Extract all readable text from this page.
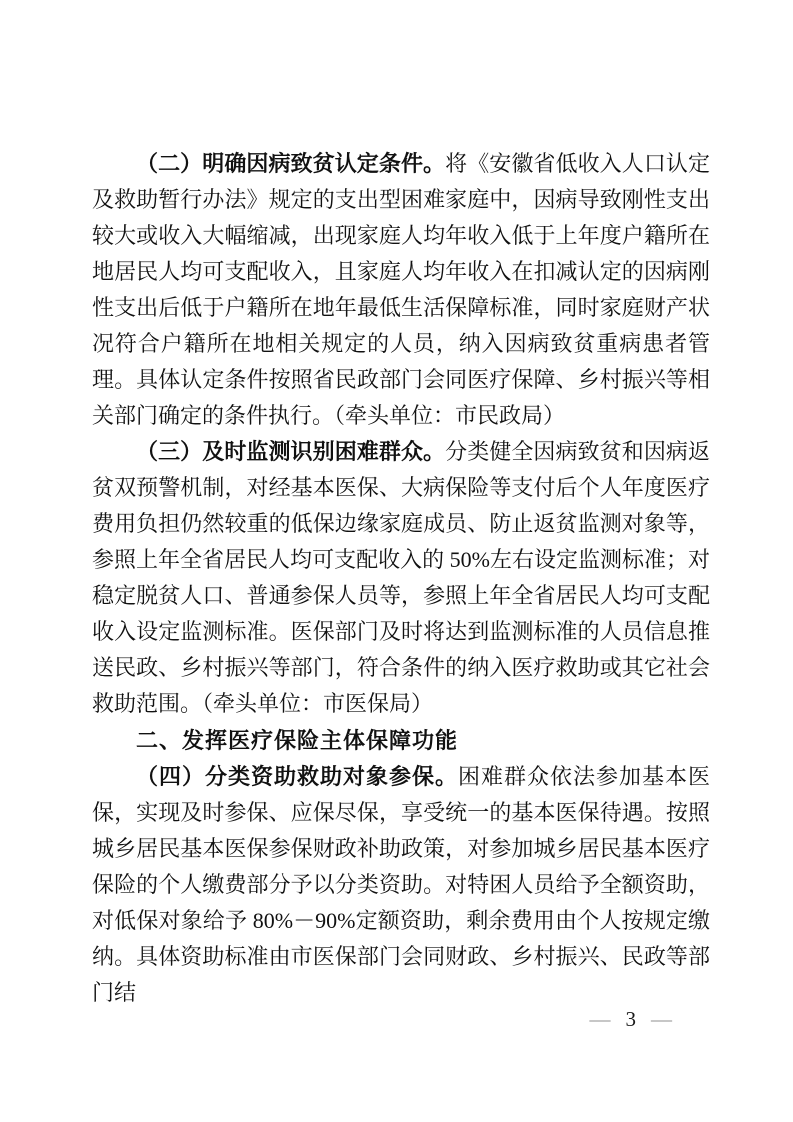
（二）明确因病致贫认定条件。将《安徽省低收入人口认定及救助暂行办法》规定的支出型困难家庭中，因病导致刚性支出较大或收入大幅缩减，出现家庭人均年收入低于上年度户籍所在地居民人均可支配收入，且家庭人均年收入在扣减认定的因病刚性支出后低于户籍所在地年最低生活保障标准，同时家庭财产状况符合户籍所在地相关规定的人员，纳入因病致贫重病患者管理。具体认定条件按照省民政部门会同医疗保障、乡村振兴等相关部门确定的条件执行。（牵头单位：市民政局）

（三）及时监测识别困难群众。分类健全因病致贫和因病返贫双预警机制，对经基本医保、大病保险等支付后个人年度医疗费用负担仍然较重的低保边缘家庭成员、防止返贫监测对象等，参照上年全省居民人均可支配收入的 50%左右设定监测标准；对稳定脱贫人口、普通参保人员等，参照上年全省居民人均可支配收入设定监测标准。医保部门及时将达到监测标准的人员信息推送民政、乡村振兴等部门，符合条件的纳入医疗救助或其它社会救助范围。（牵头单位：市医保局）

二、发挥医疗保险主体保障功能

（四）分类资助救助对象参保。困难群众依法参加基本医保，实现及时参保、应保尽保，享受统一的基本医保待遇。按照城乡居民基本医保参保财政补助政策，对参加城乡居民基本医疗保险的个人缴费部分予以分类资助。对特困人员给予全额资助，对低保对象给予 80%－90%定额资助，剩余费用由个人按规定缴纳。具体资助标准由市医保部门会同财政、乡村振兴、民政等部门结

— 3 —
